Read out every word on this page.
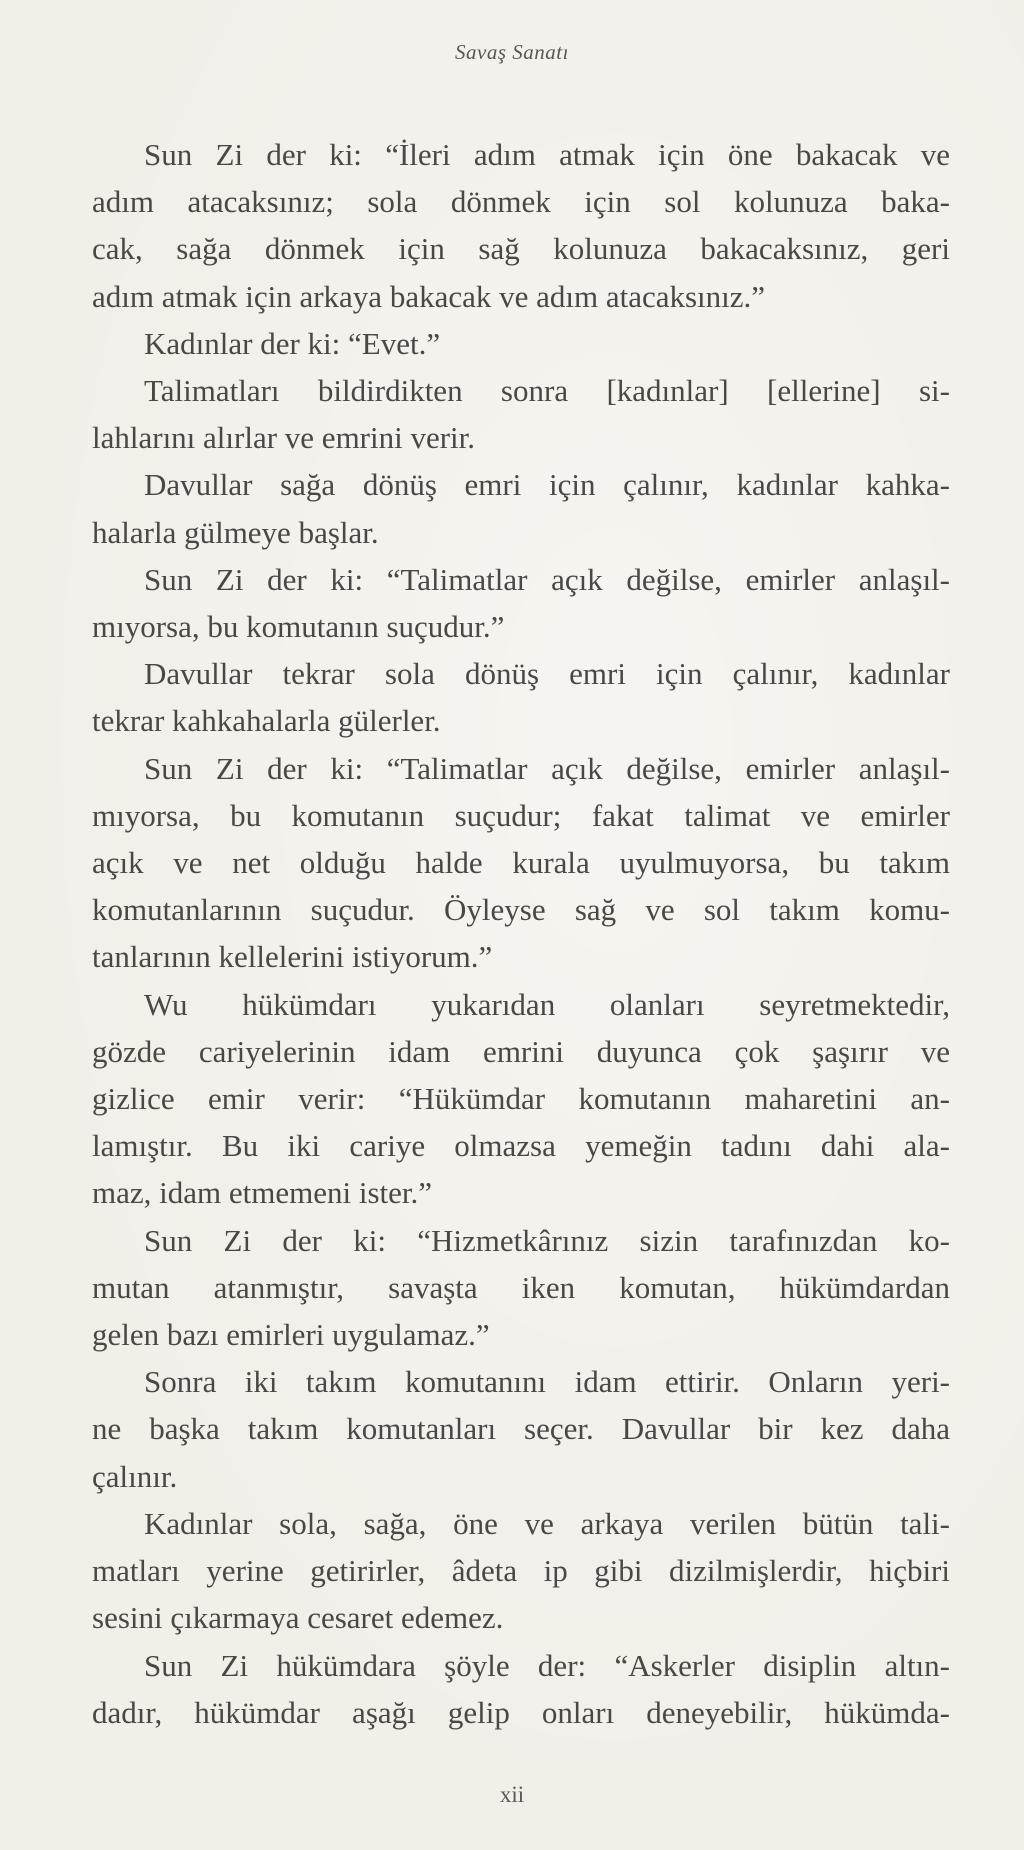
Savaş Sanatı

Sun Zi der ki: “İleri adım atmak için öne bakacak ve
adım atacaksınız; sola dönmek için sol kolunuza baka-
cak, sağa dönmek için sağ kolunuza bakacaksınız, geri
adım atmak için arkaya bakacak ve adım atacaksınız.”

Kadınlar der ki: “Evet.”

Talimatları bildirdikten sonra [kadınlar] [ellerine] si-
lahlarını alırlar ve emrini verir.

Davullar sağa dönüş emri için çalınır, kadınlar kahka-
halarla gülmeye başlar.

Sun Zi der ki: “Talimatlar açık değilse, emirler anlaşıl-
mıyorsa, bu komutanın suçudur.”

Davullar tekrar sola dönüş emri için çalınır, kadınlar
tekrar kahkahalarla gülerler.

Sun Zi der ki: “Talimatlar açık değilse, emirler anlaşıl-
mıyorsa, bu komutanın suçudur; fakat talimat ve emirler
açık ve net olduğu halde kurala uyulmuyorsa, bu takım
komutanlarının suçudur. Öyleyse sağ ve sol takım komu-
tanlarının kellelerini istiyorum.”

Wu hükümdarı yukarıdan olanları seyretmektedir,
gözde cariyelerinin idam emrini duyunca çok şaşırır ve
gizlice emir verir: “Hükümdar komutanın maharetini an-
lamıştır. Bu iki cariye olmazsa yemeğin tadını dahi ala-
maz, idam etmemeni ister.”

Sun Zi der ki: “Hizmetkârınız sizin tarafınızdan ko-
mutan atanmıştır, savaşta iken komutan, hükümdardan
gelen bazı emirleri uygulamaz.”

Sonra iki takım komutanını idam ettirir. Onların yeri-
ne başka takım komutanları seçer. Davullar bir kez daha
çalınır.

Kadınlar sola, sağa, öne ve arkaya verilen bütün tali-
matları yerine getirirler, âdeta ip gibi dizilmişlerdir, hiçbiri
sesini çıkarmaya cesaret edemez.

Sun Zi hükümdara şöyle der: “Askerler disiplin altın-
dadır, hükümdar aşağı gelip onları deneyebilir, hükümda-

xii
